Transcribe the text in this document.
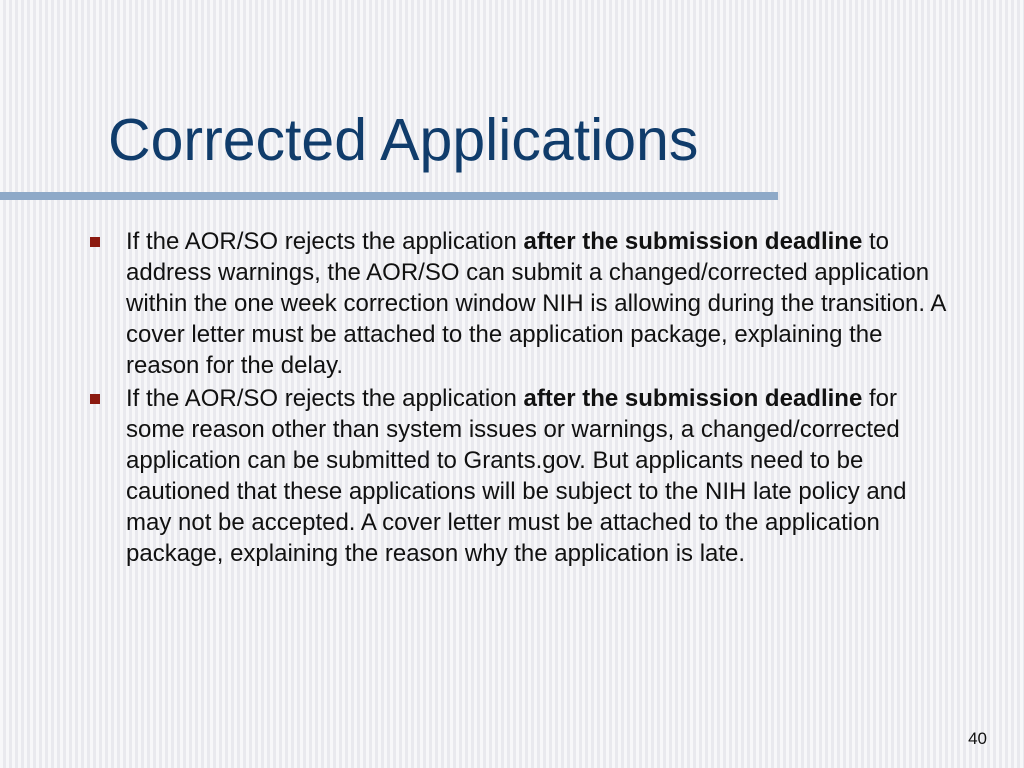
Corrected Applications
If the AOR/SO rejects the application after the submission deadline to address warnings, the AOR/SO can submit a changed/corrected application within the one week correction window NIH is allowing during the transition. A cover letter must be attached to the application package, explaining the reason for the delay.
If the AOR/SO rejects the application after the submission deadline for some reason other than system issues or warnings, a changed/corrected application can be submitted to Grants.gov. But applicants need to be cautioned that these applications will be subject to the NIH late policy and may not be accepted. A cover letter must be attached to the application package, explaining the reason why the application is late.
40
